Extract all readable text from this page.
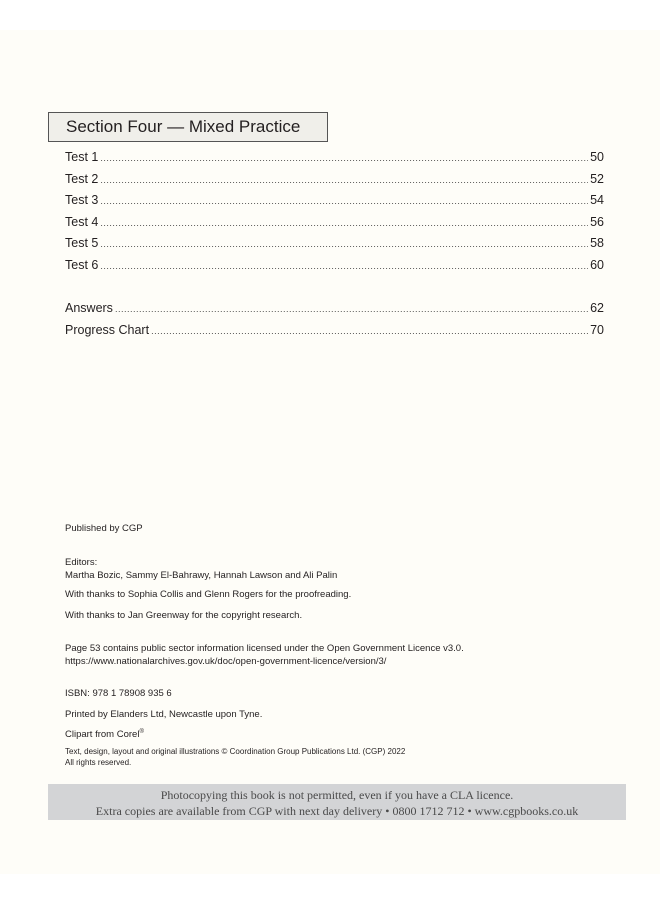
Section Four — Mixed Practice
Test 1 .....	50
Test 2 .....	52
Test 3 .....	54
Test 4 .....	56
Test 5 .....	58
Test 6 .....	60
Answers .....	62
Progress Chart .....	70
Published by CGP
Editors:
Martha Bozic, Sammy El-Bahrawy, Hannah Lawson and Ali Palin
With thanks to Sophia Collis and Glenn Rogers for the proofreading.
With thanks to Jan Greenway for the copyright research.
Page 53 contains public sector information licensed under the Open Government Licence v3.0.
https://www.nationalarchives.gov.uk/doc/open-government-licence/version/3/
ISBN: 978 1 78908 935 6
Printed by Elanders Ltd, Newcastle upon Tyne.
Clipart from Corel®
Text, design, layout and original illustrations © Coordination Group Publications Ltd. (CGP) 2022
All rights reserved.
Photocopying this book is not permitted, even if you have a CLA licence.
Extra copies are available from CGP with next day delivery • 0800 1712 712 • www.cgpbooks.co.uk
